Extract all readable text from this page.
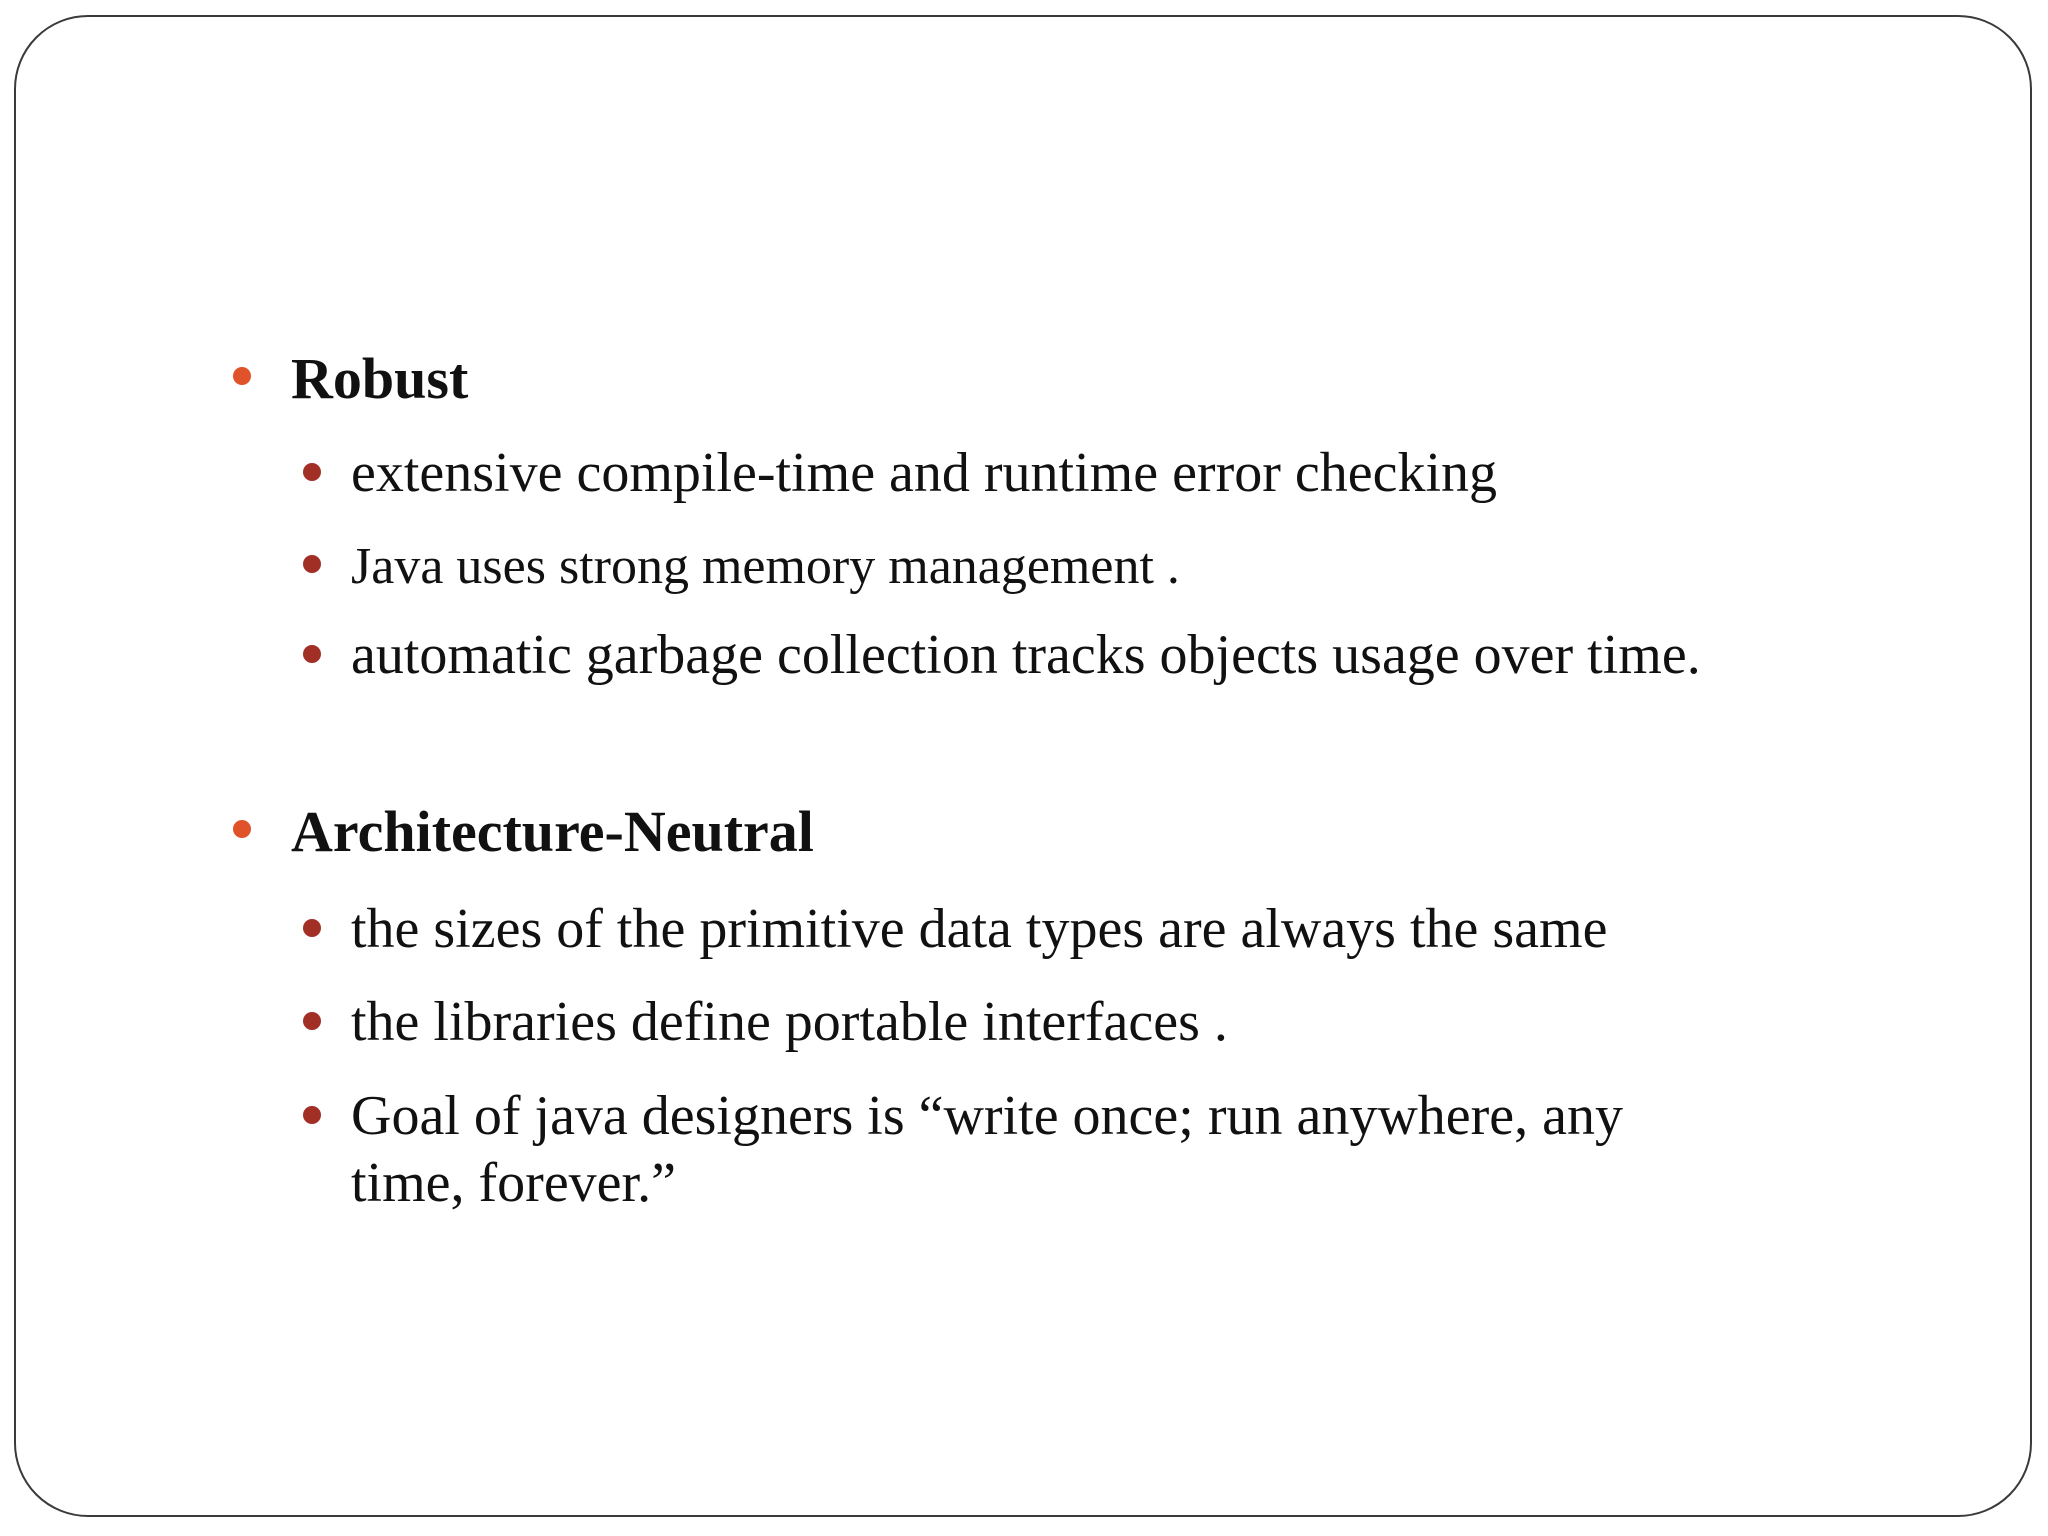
Robust
extensive compile-time and runtime error checking
Java uses strong memory management .
automatic garbage collection tracks objects usage over time.
Architecture-Neutral
the sizes of the primitive data types are always the same
the libraries define portable interfaces .
Goal of java designers is “write once; run anywhere, any
time, forever.”
